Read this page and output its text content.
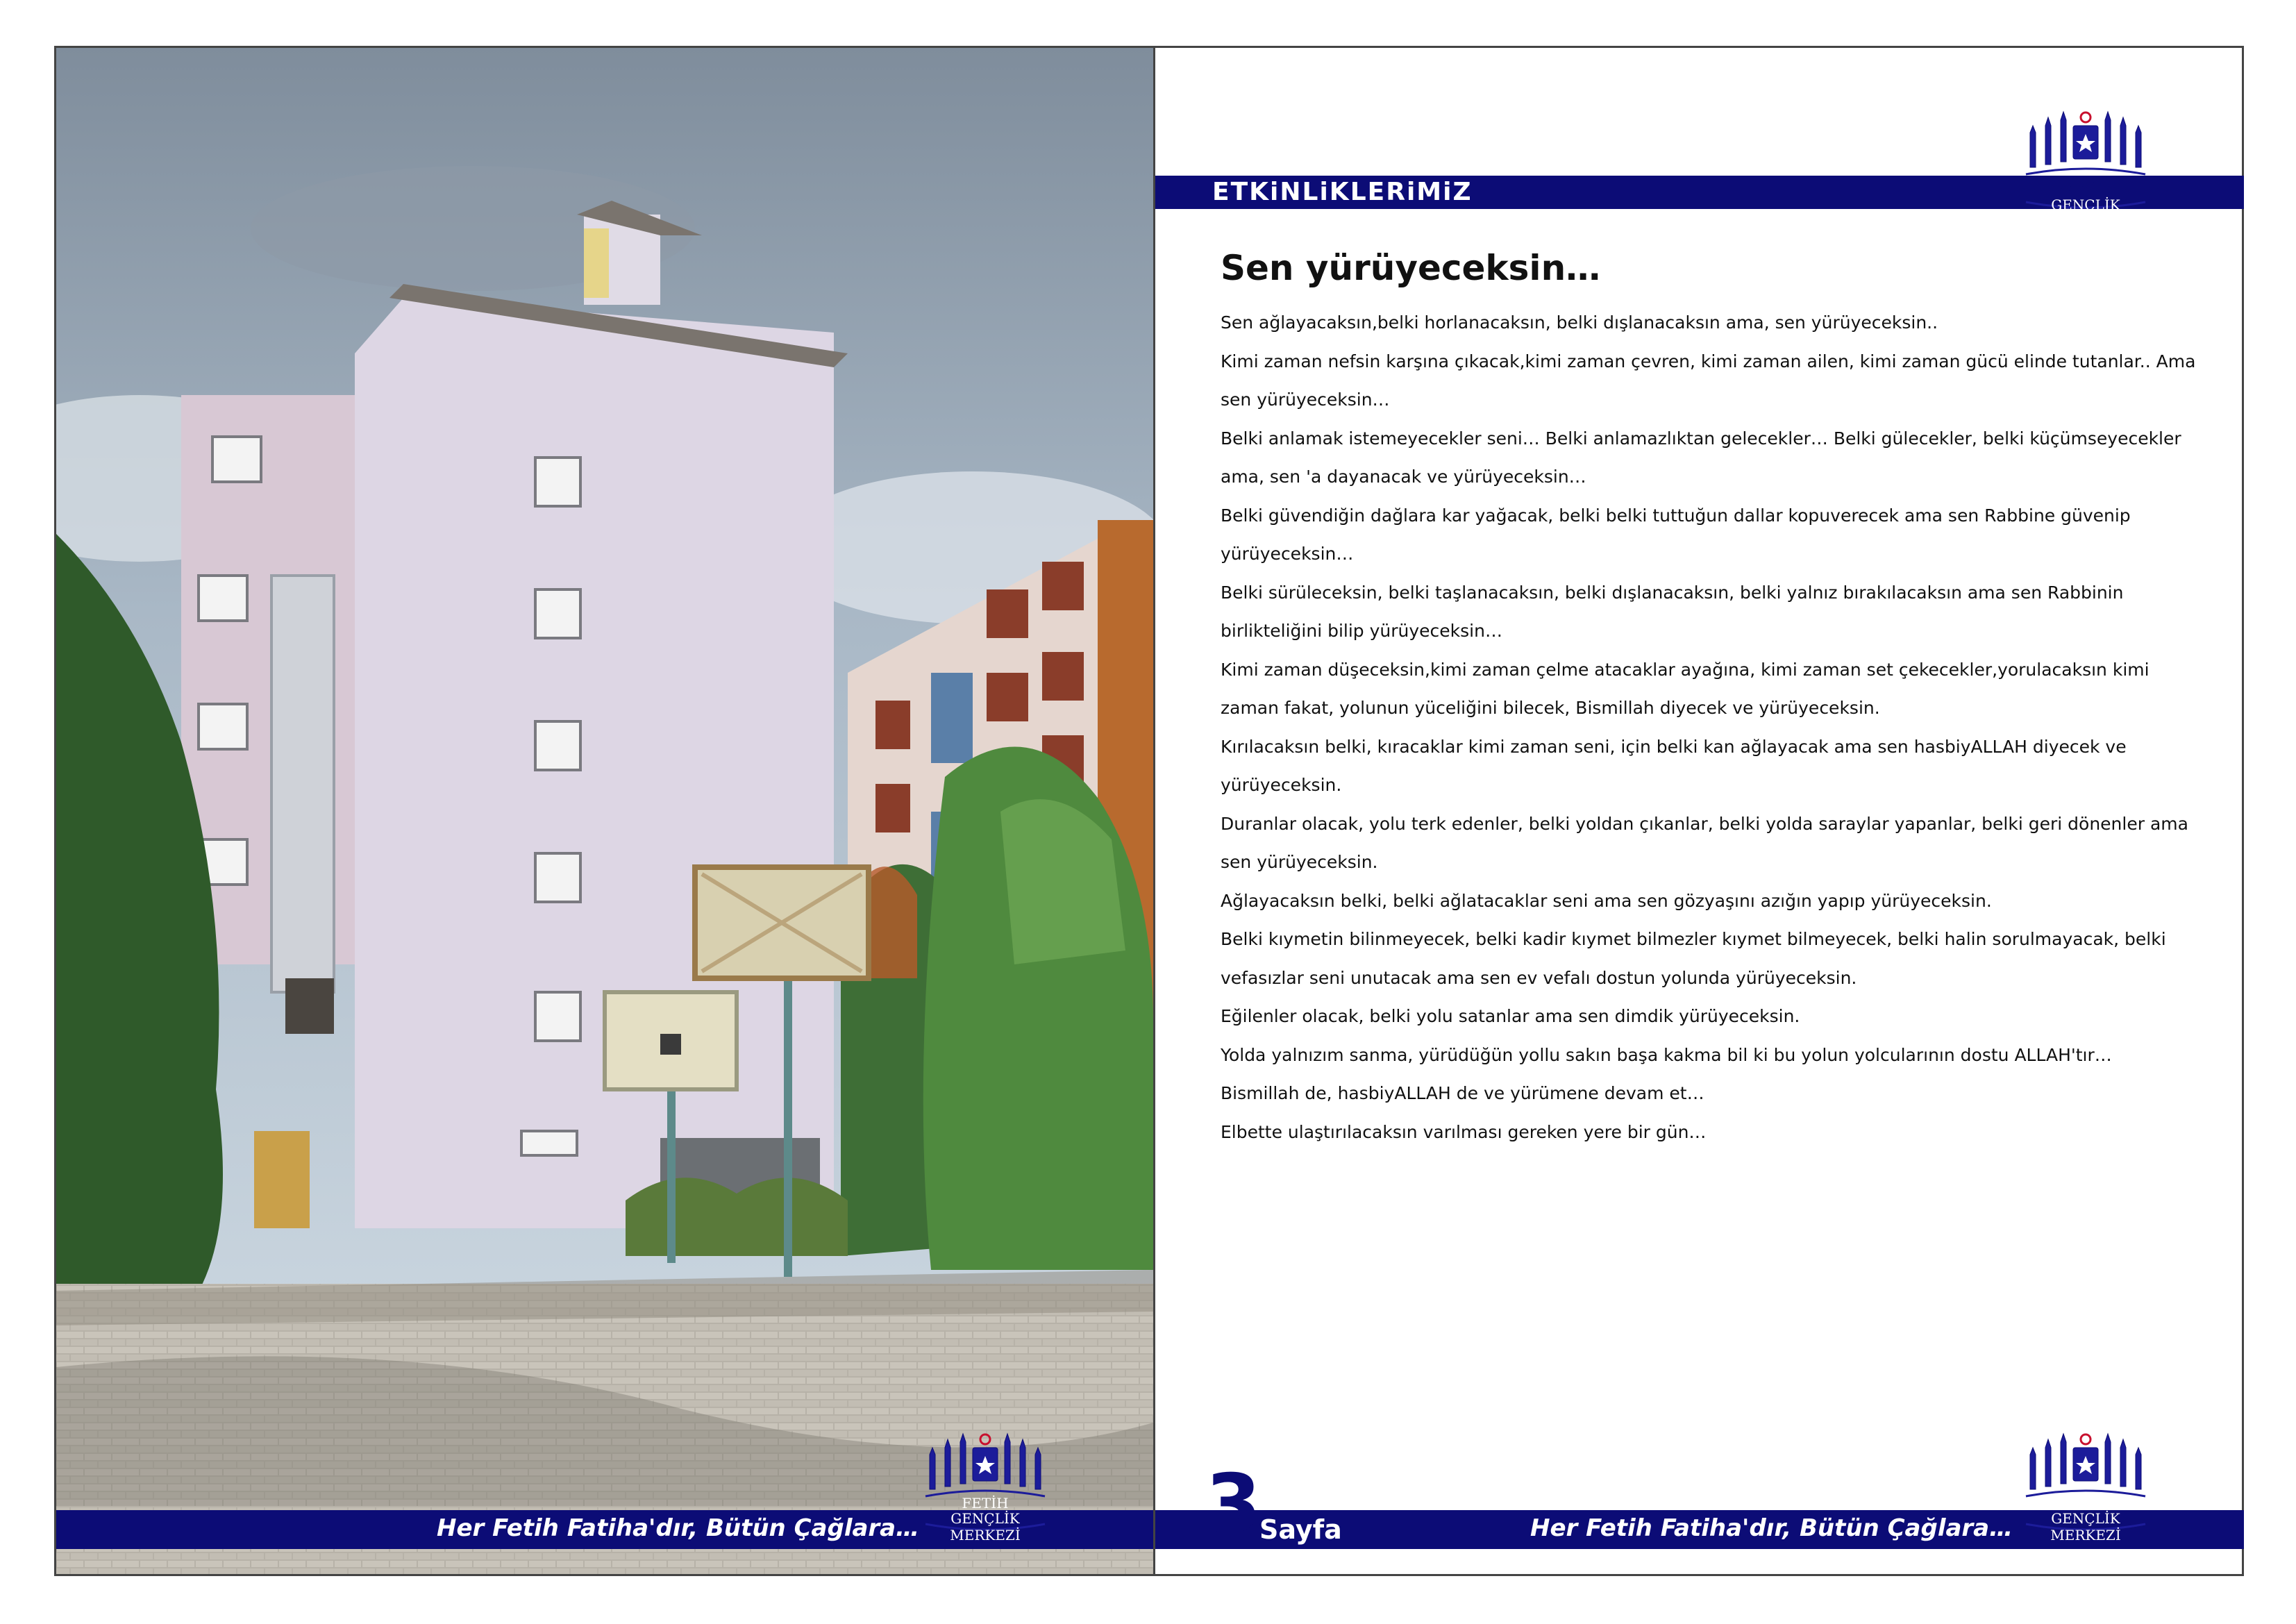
Her Fetih Fatiha'dır, Bütün Çağlara…
FETİH
GENÇLİK MERKEZİ
ETKiNLiKLERiMiZ	FETİH
GENÇLİK MERKEZİ
Sen yürüyeceksin…

Sen ağlayacaksın,belki horlanacaksın, belki dışlanacaksın ama, sen yürüyeceksin..

Kimi zaman nefsin karşına çıkacak,kimi zaman çevren, kimi zaman ailen, kimi zaman gücü elinde tutanlar.. Ama sen yürüyeceksin…

Belki anlamak istemeyecekler seni… Belki anlamazlıktan gelecekler… Belki gülecekler, belki küçümseyecekler ama, sen 'a dayanacak ve yürüyeceksin…

Belki güvendiğin dağlara kar yağacak, belki belki tuttuğun dallar kopuverecek ama sen Rabbine güvenip yürüyeceksin…

Belki sürüleceksin, belki taşlanacaksın, belki dışlanacaksın, belki yalnız bırakılacaksın ama sen Rabbinin birlikteliğini bilip yürüyeceksin…

Kimi zaman düşeceksin,kimi zaman çelme atacaklar ayağına, kimi zaman set çekecekler,yorulacaksın kimi zaman fakat, yolunun yüceliğini bilecek, Bismillah diyecek ve yürüyeceksin.

Kırılacaksın belki, kıracaklar kimi zaman seni, için belki kan ağlayacak ama sen hasbiyALLAH diyecek ve yürüyeceksin.

Duranlar olacak, yolu terk edenler, belki yoldan çıkanlar, belki yolda saraylar yapanlar, belki geri dönenler ama sen yürüyeceksin.

Ağlayacaksın belki, belki ağlatacaklar seni ama sen gözyaşını azığın yapıp yürüyeceksin.

Belki kıymetin bilinmeyecek, belki kadir kıymet bilmezler kıymet bilmeyecek, belki halin sorulmayacak, belki vefasızlar seni unutacak ama sen ev vefalı dostun yolunda yürüyeceksin.

Eğilenler olacak, belki yolu satanlar ama sen dimdik yürüyeceksin.

Yolda yalnızım sanma, yürüdüğün yollu sakın başa kakma bil ki bu yolun yolcularının dostu ALLAH'tır…

Bismillah de, hasbiyALLAH de ve yürümene devam et…

Elbette ulaştırılacaksın varılması gereken yere bir gün…

3
Sayfa	Her Fetih Fatiha'dır, Bütün Çağlara…
FETİH
GENÇLİK MERKEZİ
